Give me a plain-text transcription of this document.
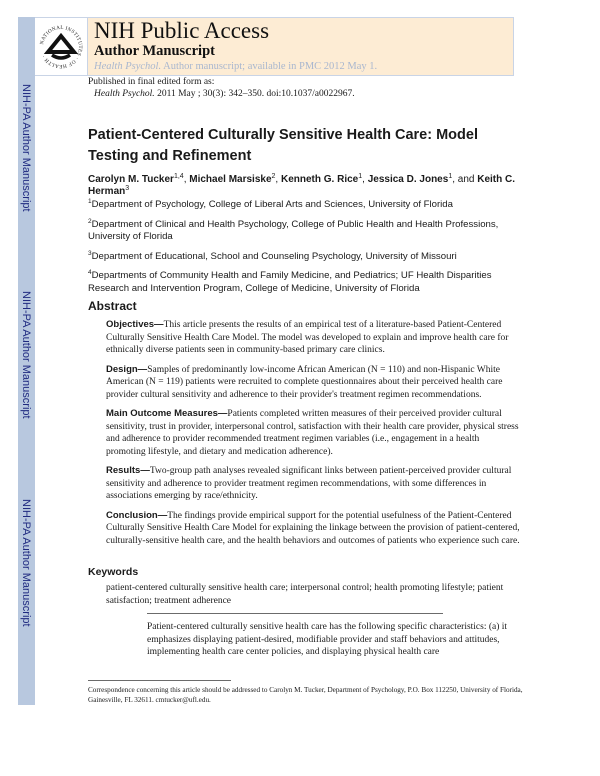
NATIONAL INSTITUTES · OF HEALTH ·
NIH Public Access
Author Manuscript
Health Psychol. Author manuscript; available in PMC 2012 May 1.
Published in final edited form as:
Health Psychol. 2011 May ; 30(3): 342–350. doi:10.1037/a0022967.
Patient-Centered Culturally Sensitive Health Care: Model Testing and Refinement
Carolyn M. Tucker$^{1,4}$, Michael Marsiske$^2$, Kenneth G. Rice$^1$, Jessica D. Jones$^1$, and Keith C. Herman$^3$
$^1$Department of Psychology, College of Liberal Arts and Sciences, University of Florida
$^2$Department of Clinical and Health Psychology, College of Public Health and Health Professions, University of Florida
$^3$Department of Educational, School and Counseling Psychology, University of Missouri
$^4$Departments of Community Health and Family Medicine, and Pediatrics; UF Health Disparities Research and Intervention Program, College of Medicine, University of Florida
Abstract
Objectives—This article presents the results of an empirical test of a literature-based Patient-Centered Culturally Sensitive Health Care Model. The model was developed to explain and improve health care for ethnically diverse patients seen in community-based primary care clinics.
Design—Samples of predominantly low-income African American (N = 110) and non-Hispanic White American (N = 119) patients were recruited to complete questionnaires about their perceived health care provider cultural sensitivity and adherence to their provider's treatment regimen recommendations.
Main Outcome Measures—Patients completed written measures of their perceived provider cultural sensitivity, trust in provider, interpersonal control, satisfaction with their health care provider, physical stress and adherence to provider recommended treatment regimen variables (i.e., engagement in a health promoting lifestyle, and dietary and medication adherence).
Results—Two-group path analyses revealed significant links between patient-perceived provider cultural sensitivity and adherence to provider treatment regimen recommendations, with some differences in associations emerging by race/ethnicity.
Conclusion—The findings provide empirical support for the potential usefulness of the Patient-Centered Culturally Sensitive Health Care Model for explaining the linkage between the provision of patient-centered, culturally-sensitive health care, and the health behaviors and outcomes of patients who experience such care.
Keywords
patient-centered culturally sensitive health care; interpersonal control; health promoting lifestyle; patient satisfaction; treatment adherence
Patient-centered culturally sensitive health care has the following specific characteristics: (a) it emphasizes displaying patient-desired, modifiable provider and staff behaviors and attitudes, implementing health care center policies, and displaying physical health care
Correspondence concerning this article should be addressed to Carolyn M. Tucker, Department of Psychology, P.O. Box 112250, University of Florida, Gainesville, FL 32611. cmtucker@ufl.edu.
